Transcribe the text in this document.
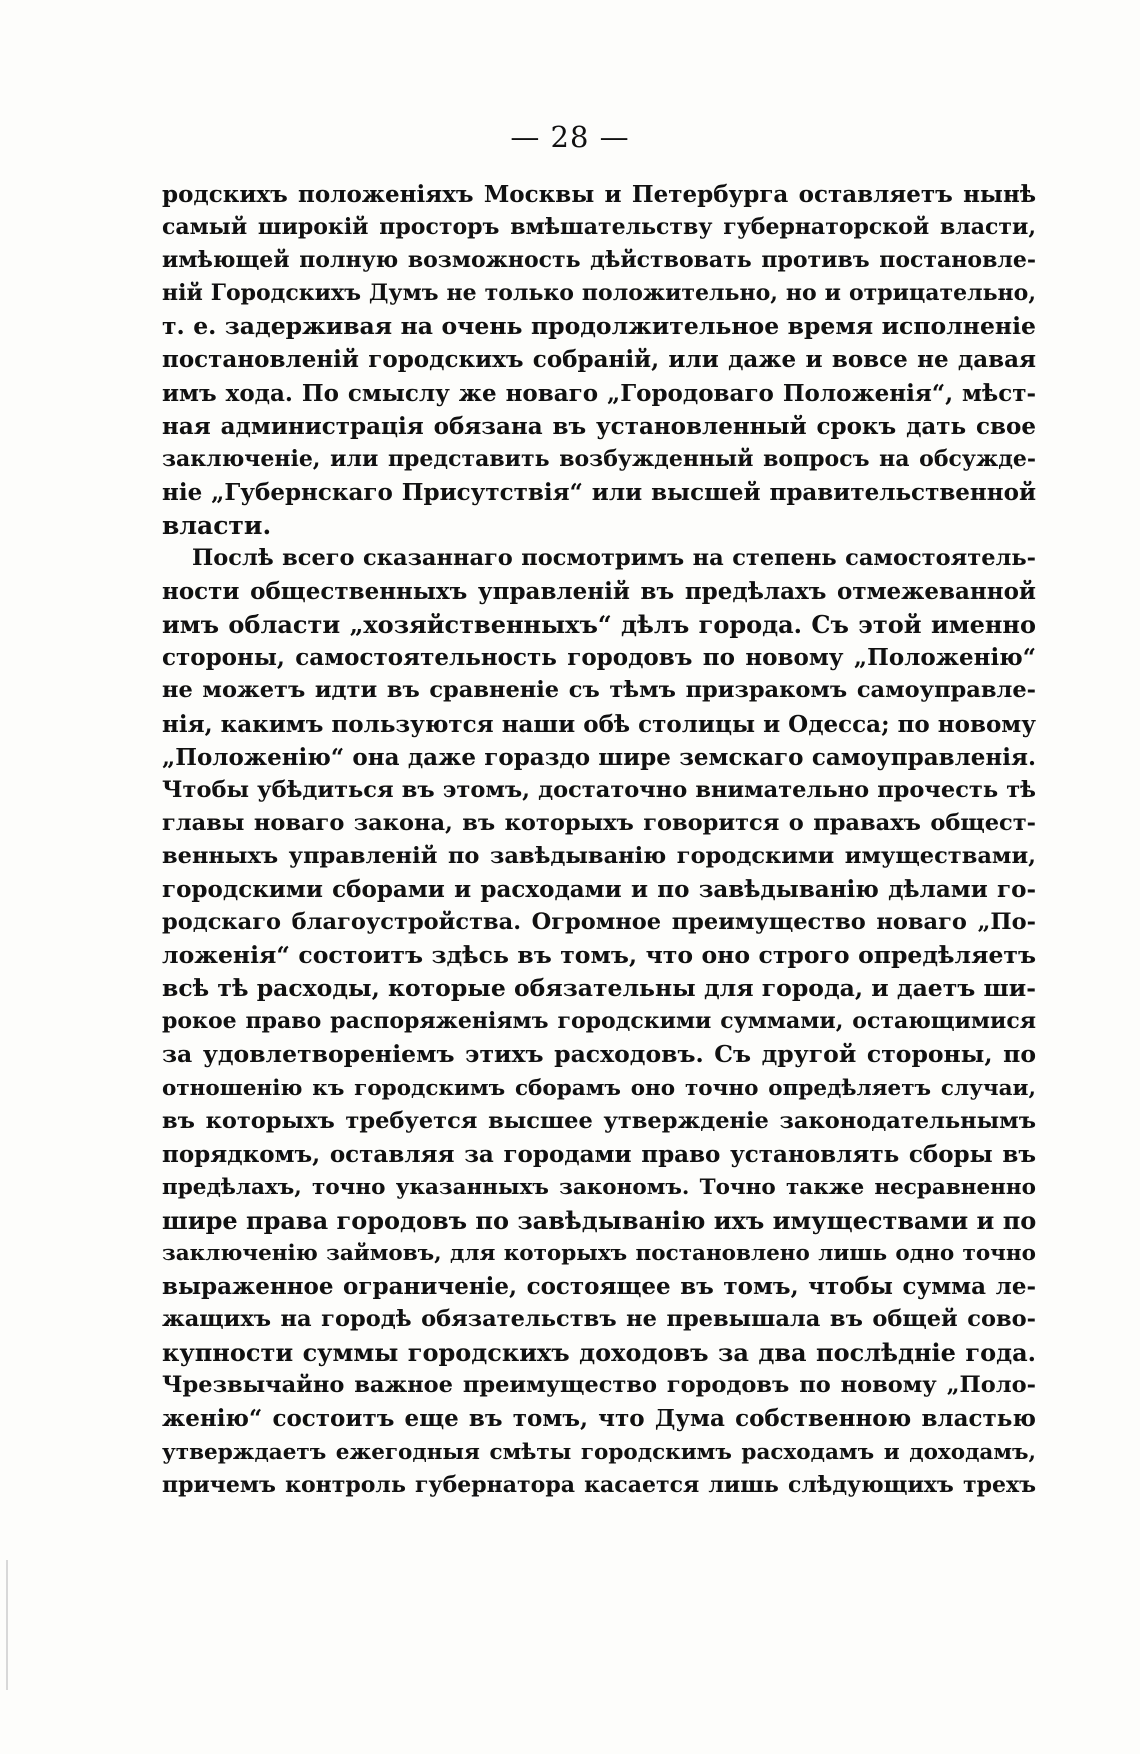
— 28 —
родскихъ положеніяхъ Москвы и Петербурга оставляетъ нынѣ
самый широкій просторъ вмѣшательству губернаторской власти,
имѣющей полную возможность дѣйствовать противъ постановле-
ній Городскихъ Думъ не только положительно, но и отрицательно,
т. е. задерживая на очень продолжительное время исполненіе
постановленій городскихъ собраній, или даже и вовсе не давая
имъ хода. По смыслу же новаго „Городоваго Положенія“, мѣст-
ная администрація обязана въ установленный срокъ дать свое
заключеніе, или представить возбужденный вопросъ на обсужде-
ніе „Губернскаго Присутствія“ или высшей правительственной
власти.
Послѣ всего сказаннаго посмотримъ на степень самостоятель-
ности общественныхъ управленій въ предѣлахъ отмежеванной
имъ области „хозяйственныхъ“ дѣлъ города. Съ этой именно
стороны, самостоятельность городовъ по новому „Положенію“
не можетъ идти въ сравненіе съ тѣмъ призракомъ самоуправле-
нія, какимъ пользуются наши обѣ столицы и Одесса; по новому
„Положенію“ она даже гораздо шире земскаго самоуправленія.
Чтобы убѣдиться въ этомъ, достаточно внимательно прочесть тѣ
главы новаго закона, въ которыхъ говорится о правахъ общест-
венныхъ управленій по завѣдыванію городскими имуществами,
городскими сборами и расходами и по завѣдыванію дѣлами го-
родскаго благоустройства. Огромное преимущество новаго „По-
ложенія“ состоитъ здѣсь въ томъ, что оно строго опредѣляетъ
всѣ тѣ расходы, которые обязательны для города, и даетъ ши-
рокое право распоряженіямъ городскими суммами, остающимися
за удовлетвореніемъ этихъ расходовъ. Съ другой стороны, по
отношенію къ городскимъ сборамъ оно точно опредѣляетъ случаи,
въ которыхъ требуется высшее утвержденіе законодательнымъ
порядкомъ, оставляя за городами право установлять сборы въ
предѣлахъ, точно указанныхъ закономъ. Точно также несравненно
шире права городовъ по завѣдыванію ихъ имуществами и по
заключенію займовъ, для которыхъ постановлено лишь одно точно
выраженное ограниченіе, состоящее въ томъ, чтобы сумма ле-
жащихъ на городѣ обязательствъ не превышала въ общей сово-
купности суммы городскихъ доходовъ за два послѣдніе года.
Чрезвычайно важное преимущество городовъ по новому „Поло-
женію“ состоитъ еще въ томъ, что Дума собственною властью
утверждаетъ ежегодныя смѣты городскимъ расходамъ и доходамъ,
причемъ контроль губернатора касается лишь слѣдующихъ трехъ
